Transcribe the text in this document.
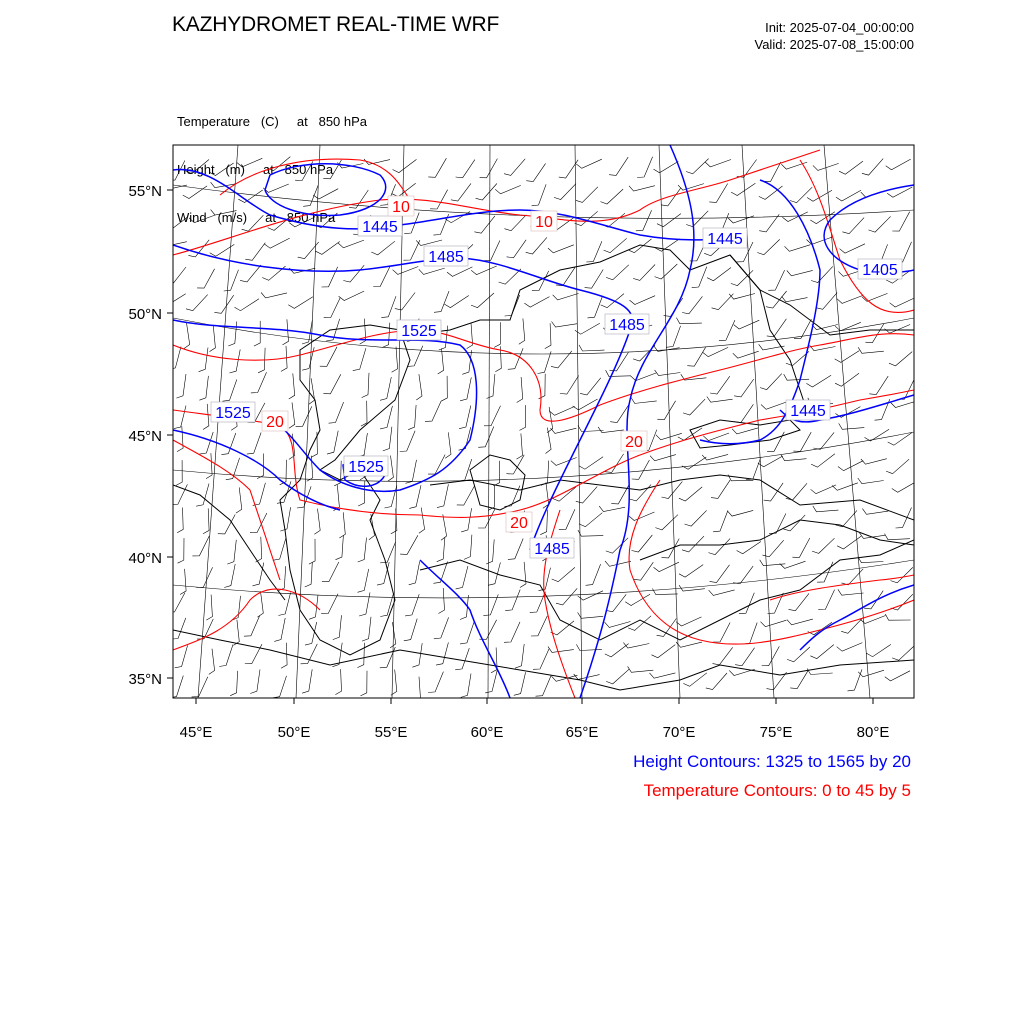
KAZHYDROMET REAL-TIME WRF	Init: 2025-07-04_00:00:00
Valid: 2025-07-08_15:00:00

Temperature   (C)     at   850 hPa

Height   (m)     at   850 hPa

Wind   (m/s)     at   850 hPa

55°N
50°N
45°N
40°N
35°N
45°E	50°E	55°E	60°E	65°E	70°E	75°E	80°E
1445
1485
1445
1405
1525	1485
1525	1445
1525
1485
10
10
20
20
20
Height Contours: 1325 to 1565 by 20
Temperature Contours: 0 to 45 by 5
